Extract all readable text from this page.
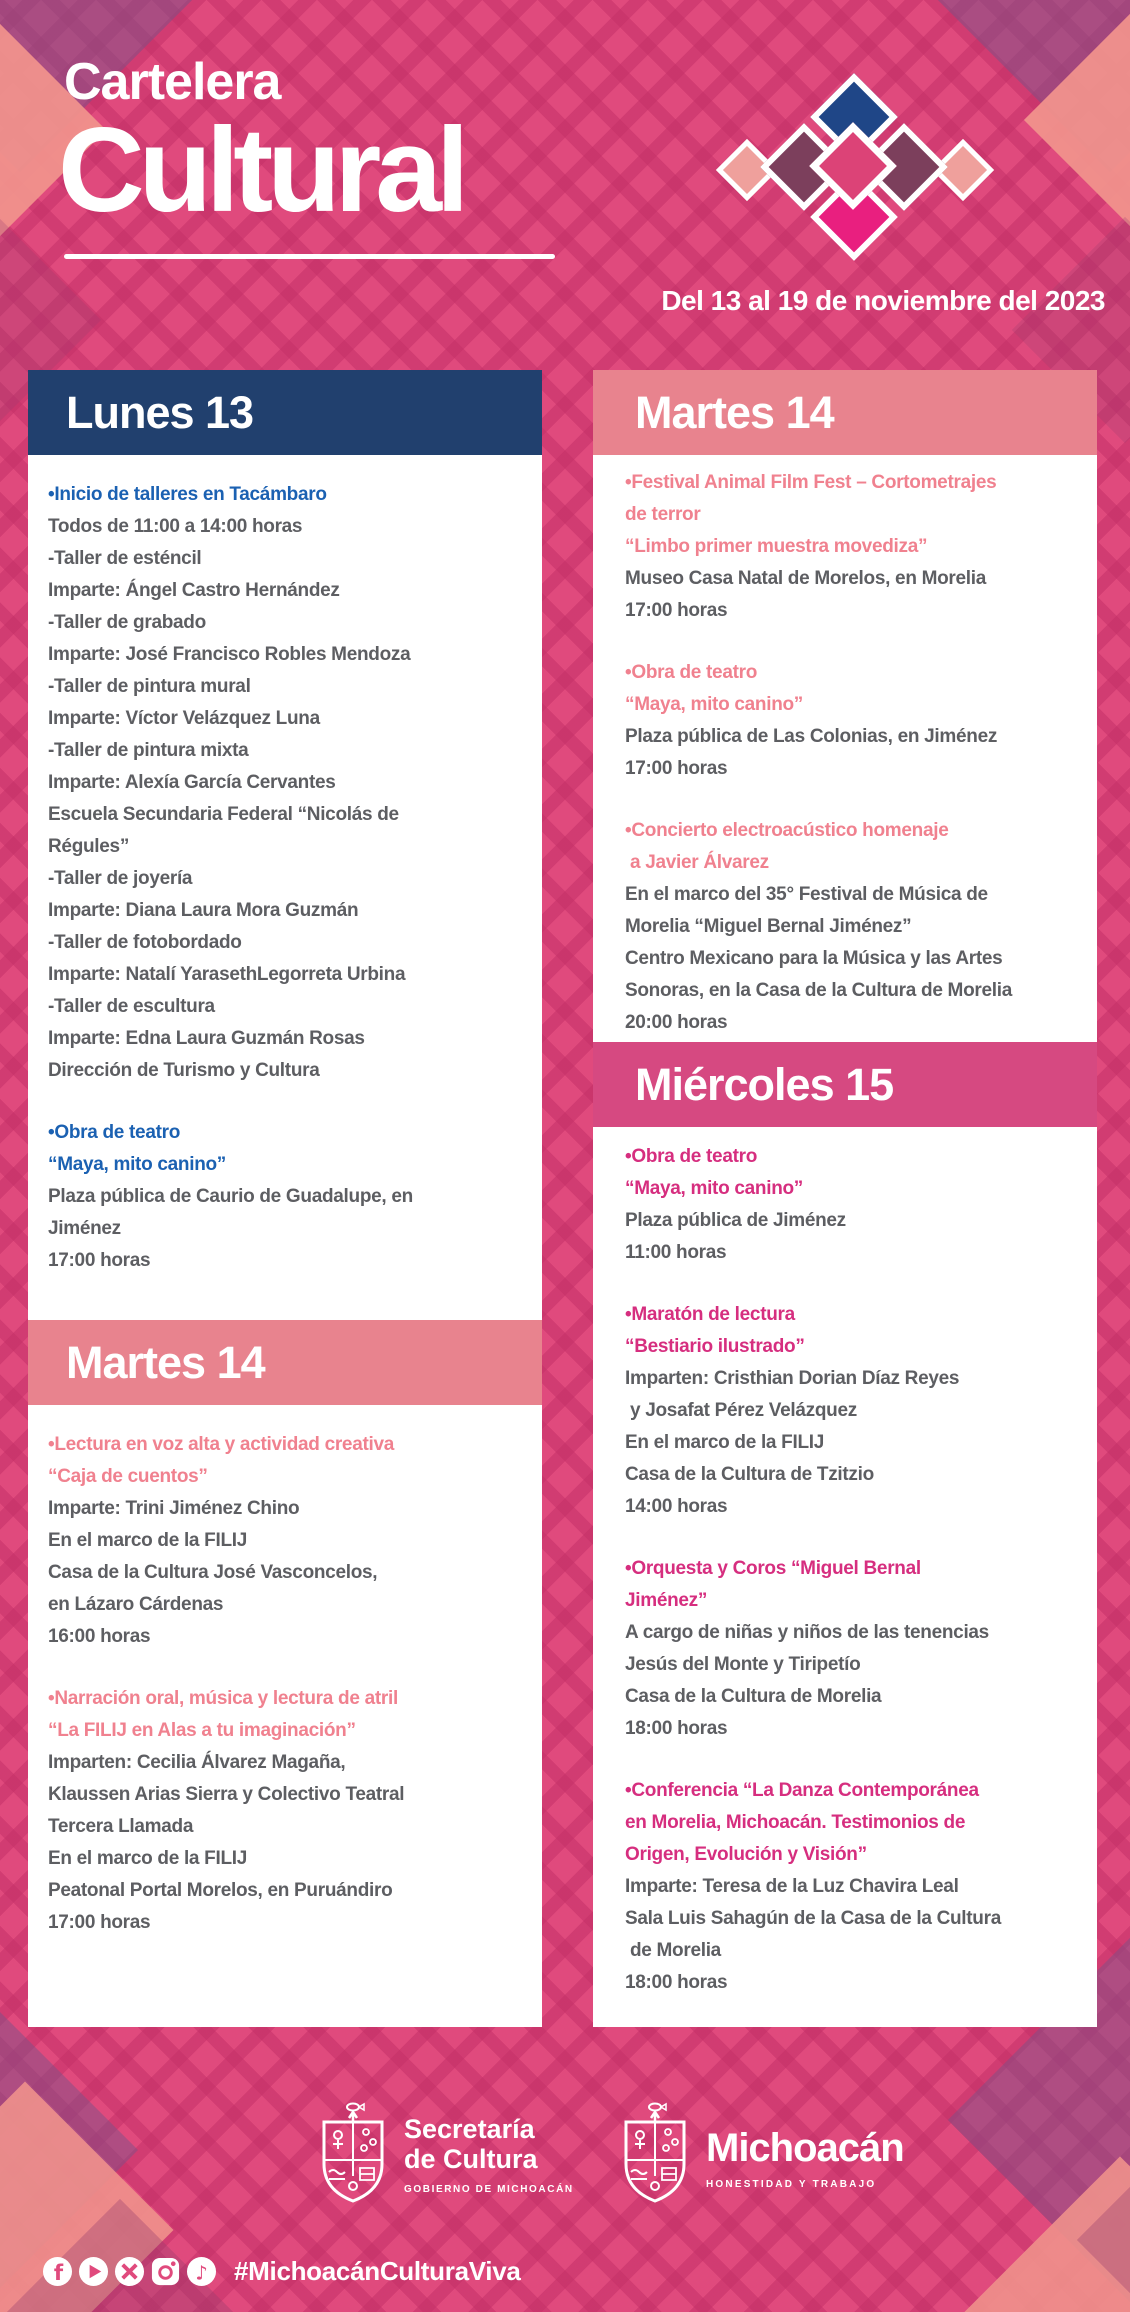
Cartelera
Cultural
Del 13 al 19 de noviembre del 2023
Lunes 13
•Inicio de talleres en Tacámbaro
Todos de 11:00 a 14:00 horas
-Taller de esténcil
Imparte: Ángel Castro Hernández
-Taller de grabado
Imparte: José Francisco Robles Mendoza
-Taller de pintura mural
Imparte: Víctor Velázquez Luna
-Taller de pintura mixta
Imparte: Alexía García Cervantes
Escuela Secundaria Federal “Nicolás de
Régules”
-Taller de joyería
Imparte: Diana Laura Mora Guzmán
-Taller de fotobordado
Imparte: Natalí YarasethLegorreta Urbina
-Taller de escultura
Imparte: Edna Laura Guzmán Rosas
Dirección de Turismo y Cultura
•Obra de teatro
“Maya, mito canino”
Plaza pública de Caurio de Guadalupe, en
Jiménez
17:00 horas
Martes 14
•Lectura en voz alta y actividad creativa
“Caja de cuentos”
Imparte: Trini Jiménez Chino
En el marco de la FILIJ
Casa de la Cultura José Vasconcelos,
en Lázaro Cárdenas
16:00 horas
•Narración oral, música y lectura de atril
“La FILIJ en Alas a tu imaginación”
Imparten: Cecilia Álvarez Magaña,
Klaussen Arias Sierra y Colectivo Teatral
Tercera Llamada
En el marco de la FILIJ
Peatonal Portal Morelos, en Puruándiro
17:00 horas
Martes 14
•Festival Animal Film Fest – Cortometrajes
de terror
“Limbo primer muestra movediza”
Museo Casa Natal de Morelos, en Morelia
17:00 horas
•Obra de teatro
“Maya, mito canino”
Plaza pública de Las Colonias, en Jiménez
17:00 horas
•Concierto electroacústico homenaje
a Javier Álvarez
En el marco del 35° Festival de Música de
Morelia “Miguel Bernal Jiménez”
Centro Mexicano para la Música y las Artes
Sonoras, en la Casa de la Cultura de Morelia
20:00 horas
Miércoles 15
•Obra de teatro
“Maya, mito canino”
Plaza pública de Jiménez
11:00 horas
•Maratón de lectura
“Bestiario ilustrado”
Imparten: Cristhian Dorian Díaz Reyes
y Josafat Pérez Velázquez
En el marco de la FILIJ
Casa de la Cultura de Tzitzio
14:00 horas
•Orquesta y Coros “Miguel Bernal
Jiménez”
A cargo de niñas y niños de las tenencias
Jesús del Monte y Tiripetío
Casa de la Cultura de Morelia
18:00 horas
•Conferencia “La Danza Contemporánea
en Morelia, Michoacán. Testimonios de
Origen, Evolución y Visión”
Imparte: Teresa de la Luz Chavira Leal
Sala Luis Sahagún de la Casa de la Cultura
de Morelia
18:00 horas
Secretaría
de Cultura
GOBIERNO DE MICHOACÁN
Michoacán
HONESTIDAD Y TRABAJO
f	♪ #MichoacánCulturaViva
